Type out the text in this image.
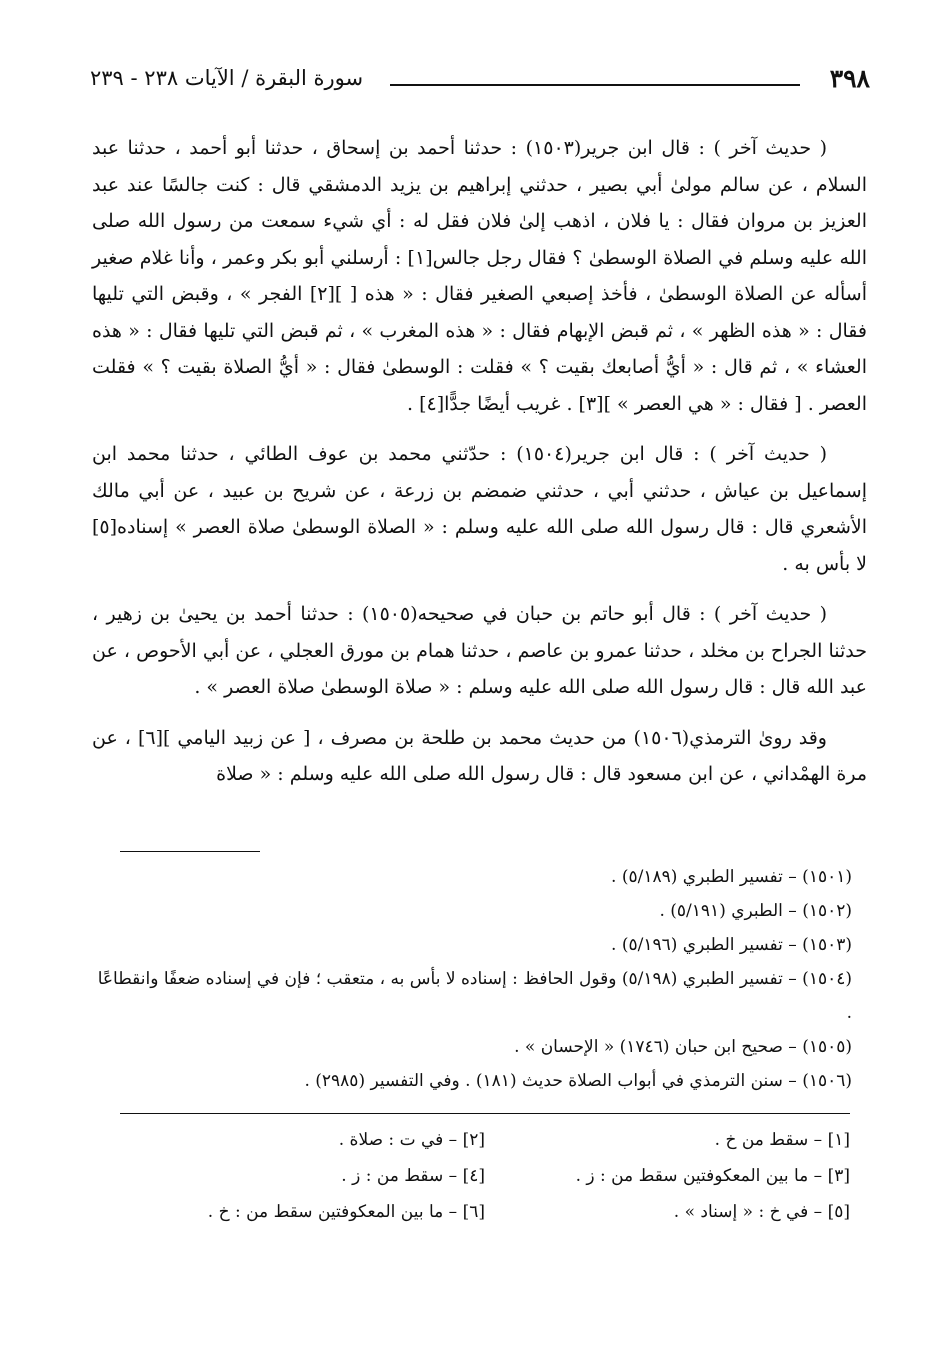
٣٩٨
سورة البقرة / الآيات ٢٣٨ - ٢٣٩

( حديث آخر ) : قال ابن جرير(١٥٠٣) : حدثنا أحمد بن إسحاق ، حدثنا أبو أحمد ، حدثنا عبد السلام ، عن سالم مولىٰ أبي بصير ، حدثني إبراهيم بن يزيد الدمشقي قال : كنت جالسًا عند عبد العزيز بن مروان فقال : يا فلان ، اذهب إلىٰ فلان فقل له : أي شيء سمعت من رسول الله صلى الله عليه وسلم في الصلاة الوسطىٰ ؟ فقال رجل جالس[١] : أرسلني أبو بكر وعمر ، وأنا غلام صغير أسأله عن الصلاة الوسطىٰ ، فأخذ إصبعي الصغير فقال : « هذه [ ][٢] الفجر » ، وقبض التي تليها فقال : « هذه الظهر » ، ثم قبض الإبهام فقال : « هذه المغرب » ، ثم قبض التي تليها فقال : « هذه العشاء » ، ثم قال : « أيُّ أصابعك بقيت ؟ » فقلت : الوسطىٰ فقال : « أيُّ الصلاة بقيت ؟ » فقلت العصر . [ فقال : « هي العصر » ][٣] . غريب أيضًا جدًّا[٤] .

( حديث آخر ) : قال ابن جرير(١٥٠٤) : حدّثني محمد بن عوف الطائي ، حدثنا محمد ابن إسماعيل بن عياش ، حدثني أبي ، حدثني ضمضم بن زرعة ، عن شريح بن عبيد ، عن أبي مالك الأشعري قال : قال رسول الله صلى الله عليه وسلم : « الصلاة الوسطىٰ صلاة العصر » إسناده[٥] لا بأس به .

( حديث آخر ) : قال أبو حاتم بن حبان في صحيحه(١٥٠٥) : حدثنا أحمد بن يحيىٰ بن زهير ، حدثنا الجراح بن مخلد ، حدثنا عمرو بن عاصم ، حدثنا همام بن مورق العجلي ، عن أبي الأحوص ، عن عبد الله قال : قال رسول الله صلى الله عليه وسلم : « صلاة الوسطىٰ صلاة العصر » .

وقد روىٰ الترمذي(١٥٠٦) من حديث محمد بن طلحة بن مصرف ، [ عن زبيد اليامي ][٦] ، عن مرة الهمْداني ، عن ابن مسعود قال : قال رسول الله صلى الله عليه وسلم : « صلاة

(١٥٠١) – تفسير الطبري (٥/١٨٩) .

(١٥٠٢) – الطبري (٥/١٩١) .

(١٥٠٣) – تفسير الطبري (٥/١٩٦) .

(١٥٠٤) – تفسير الطبري (٥/١٩٨) وقول الحافظ : إسناده لا بأس به ، متعقب ؛ فإن في إسناده ضعفًا وانقطاعًا .

(١٥٠٥) – صحيح ابن حبان (١٧٤٦) « الإحسان » .

(١٥٠٦) – سنن الترمذي في أبواب الصلاة حديث (١٨١) . وفي التفسير (٢٩٨٥) .

[١] – سقط من خ .
[٢] – في ت : صلاة .
[٣] – ما بين المعكوفتين سقط من : ز .
[٤] – سقط من : ز .
[٥] – في خ : « إسناد » .
[٦] – ما بين المعكوفتين سقط من : خ .
